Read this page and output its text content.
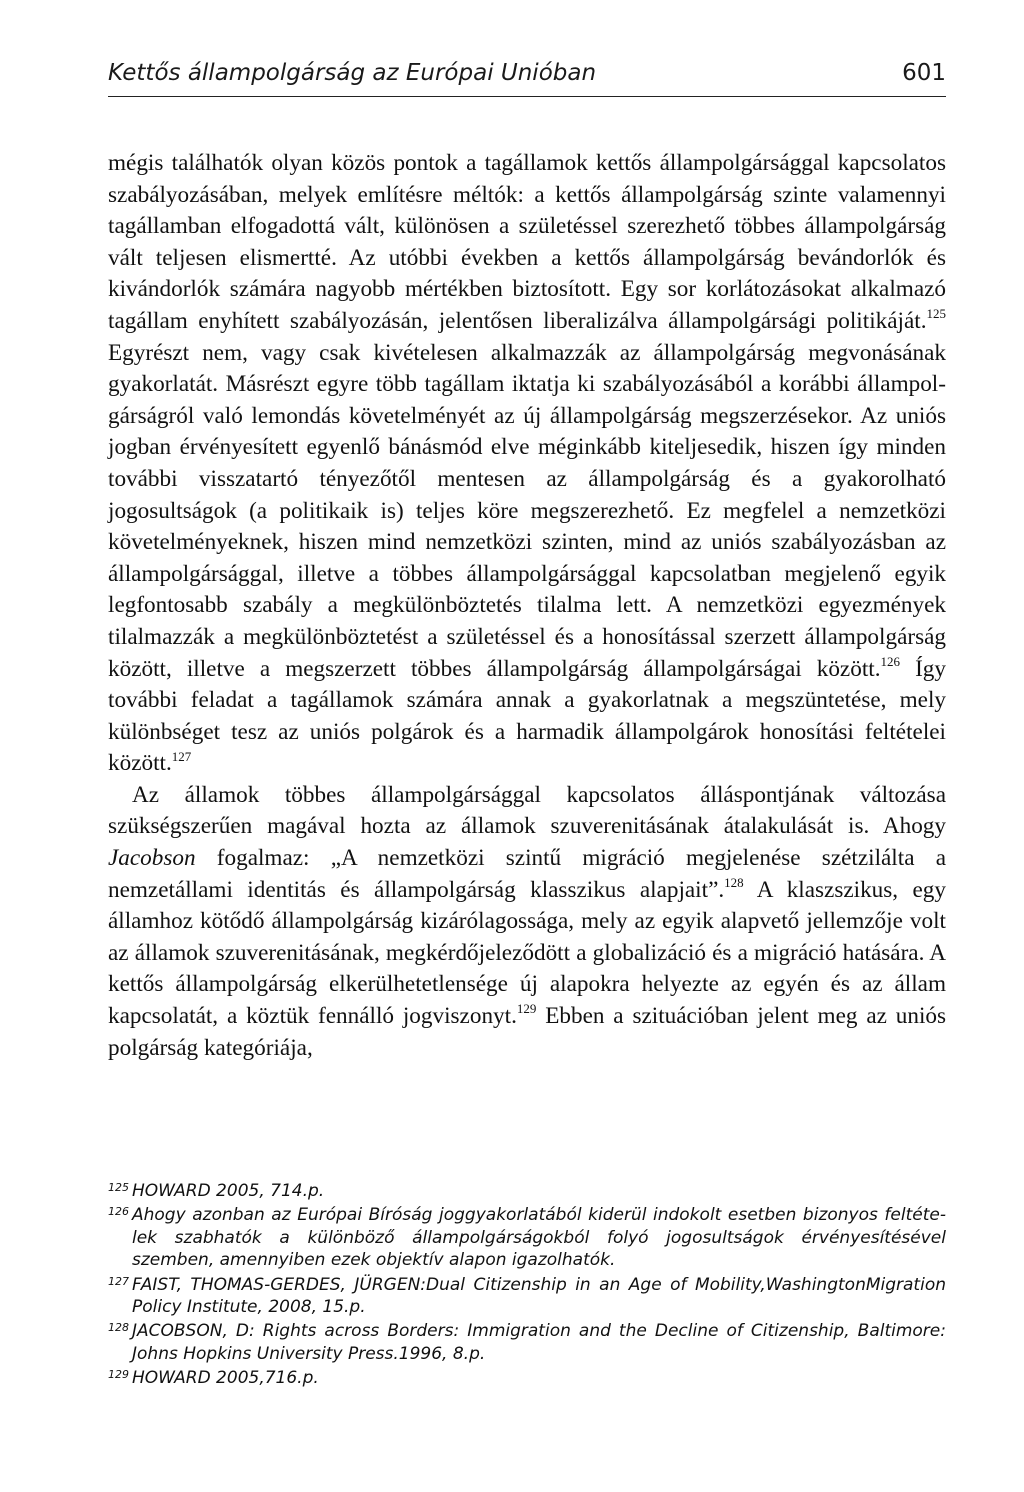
Kettős állampolgárság az Európai Unióban	601

mégis találhatók olyan közös pontok a tagállamok kettős állampolgársággal kapcsolatos szabályozásában, melyek említésre méltók: a kettős állampolgárság szinte valamennyi tagállamban elfogadottá vált, különösen a születéssel szerezhető többes állampolgárság vált teljesen elismertté. Az utóbbi években a kettős állampolgárság bevándorlók és kivándorlók számára nagyobb mértékben biztosított. Egy sor korlátozásokat alkalmazó tagállam enyhített szabályozásán, jelentősen liberalizálva állampolgársági politikáját.$^{125}$ Egyrészt nem, vagy csak kivételesen alkalmazzák az állampolgárság megvonásának gyakorlatát. Másrészt egyre több tagállam iktatja ki szabályozásából a korábbi állampolgárságról való lemondás követelményét az új állampolgárság megszerzésekor. Az uniós jogban érvényesített egyenlő bánásmód elve méginkább kiteljesedik, hiszen így minden további visszatartó tényezőtől mentesen az állampolgárság és a gyakorolható jogosultságok (a politikaik is) teljes köre megszerezhető. Ez megfelel a nemzetközi követelményeknek, hiszen mind nemzetközi szinten, mind az uniós szabályozásban az állampolgársággal, illetve a többes állampolgársággal kapcsolatban megjelenő egyik legfontosabb szabály a megkülönböztetés tilalma lett. A nemzetközi egyezmények tilalmazzák a megkülönböztetést a születéssel és a honosítással szerzett állampolgárság között, illetve a megszerzett többes állampolgárság állampolgárságai között.$^{126}$ Így további feladat a tagállamok számára annak a gyakorlatnak a megszüntetése, mely különbséget tesz az uniós polgárok és a harmadik állampolgárok honosítási feltételei között.$^{127}$

Az államok többes állampolgársággal kapcsolatos álláspontjának változása szükségszerűen magával hozta az államok szuverenitásának átalakulását is. Ahogy Jacobson fogalmaz: „A nemzetközi szintű migráció megjelenése szétzilálta a nemzetállami identitás és állampolgárság klasszikus alapjait”.$^{128}$ A klaszszikus, egy államhoz kötődő állampolgárság kizárólagossága, mely az egyik alapvető jellemzője volt az államok szuverenitásának, megkérdőjeleződött a globalizáció és a migráció hatására. A kettős állampolgárság elkerülhetetlensége új alapokra helyezte az egyén és az állam kapcsolatát, a köztük fennálló jogviszonyt.$^{129}$ Ebben a szituációban jelent meg az uniós polgárság kategóriája,

125 HOWARD 2005, 714.p.
126 Ahogy azonban az Európai Bíróság joggyakorlatából kiderül indokolt esetben bizonyos feltételek szabhatók a különböző állampolgárságokból folyó jogosultságok érvényesítésével szemben, amennyiben ezek objektív alapon igazolhatók.
127 FAIST, THOMAS-GERDES, JÜRGEN:Dual Citizenship in an Age of Mobility,WashingtonMigration Policy Institute, 2008, 15.p.
128 JACOBSON, D: Rights across Borders: Immigration and the Decline of Citizenship, Baltimore: Johns Hopkins University Press.1996, 8.p.
129 HOWARD 2005,716.p.
